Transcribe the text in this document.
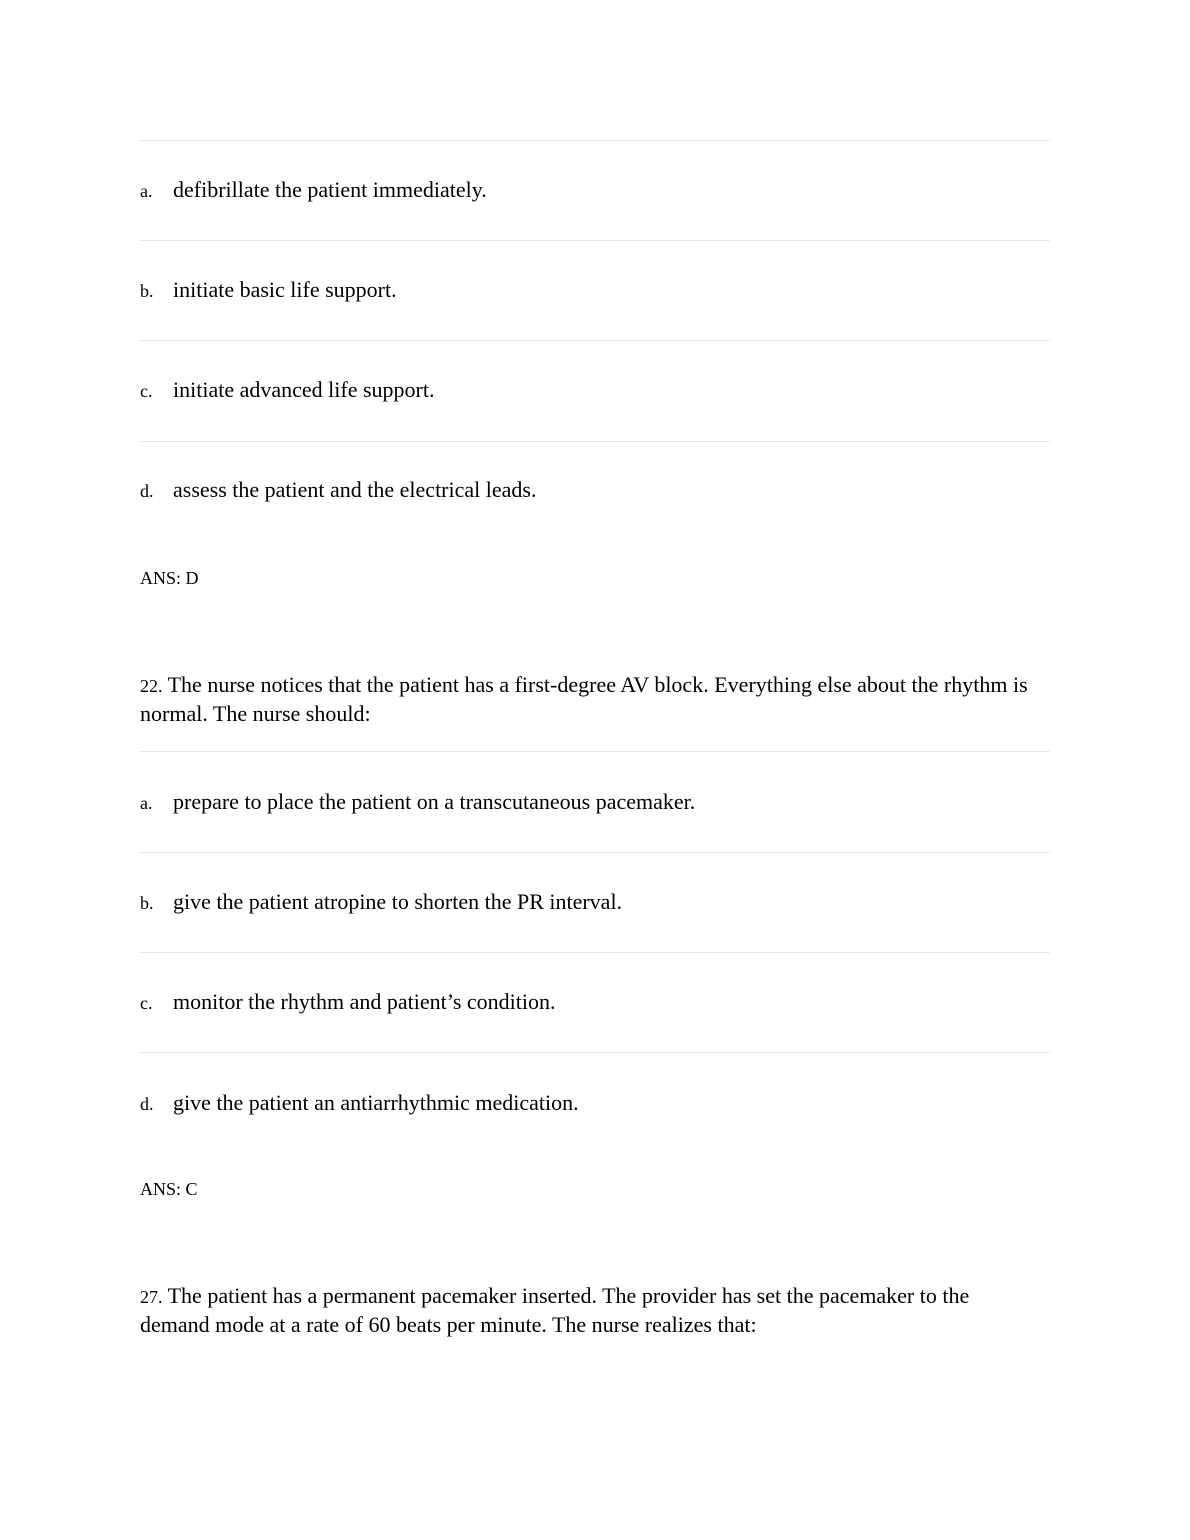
a. defibrillate the patient immediately.
b. initiate basic life support.
c. initiate advanced life support.
d. assess the patient and the electrical leads.
ANS: D
22. The nurse notices that the patient has a first-degree AV block. Everything else about the rhythm is normal. The nurse should:
a. prepare to place the patient on a transcutaneous pacemaker.
b. give the patient atropine to shorten the PR interval.
c. monitor the rhythm and patient’s condition.
d. give the patient an antiarrhythmic medication.
ANS: C
27. The patient has a permanent pacemaker inserted. The provider has set the pacemaker to the demand mode at a rate of 60 beats per minute. The nurse realizes that:
